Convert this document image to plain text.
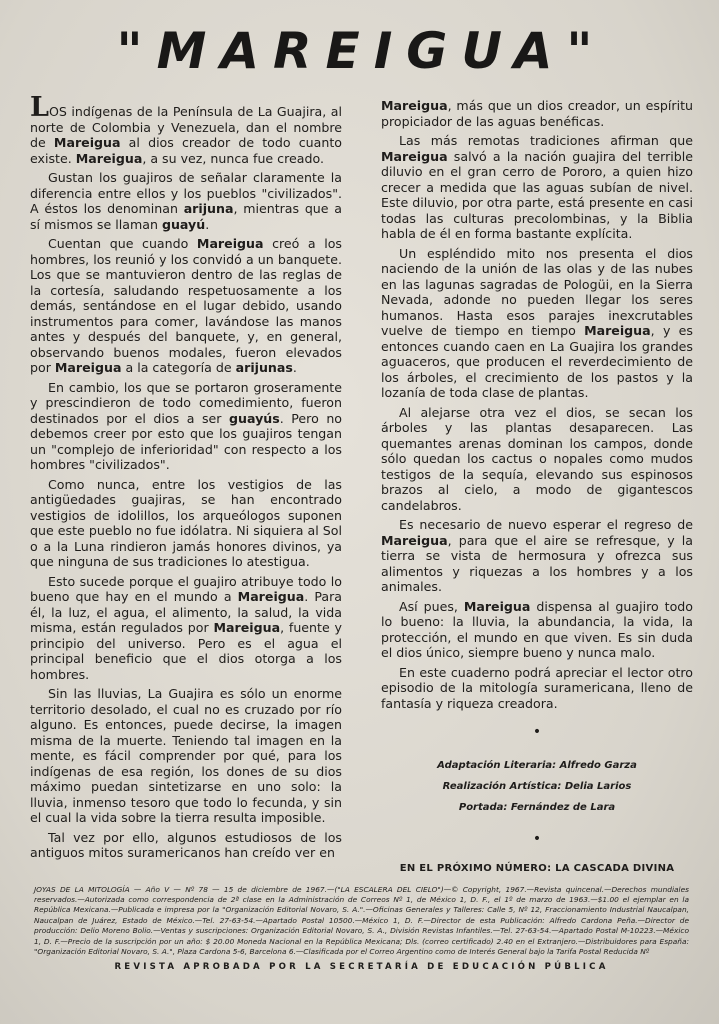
"MAREIGUA"

LOS indígenas de la Península de La Guajira, al norte de Colombia y Venezuela, dan el nombre de Mareigua al dios creador de todo cuanto existe. Mareigua, a su vez, nunca fue creado.

Gustan los guajiros de señalar claramente la diferencia entre ellos y los pueblos "civilizados". A éstos los denominan arijuna, mientras que a sí mismos se llaman guayú.

Cuentan que cuando Mareigua creó a los hombres, los reunió y los convidó a un banquete. Los que se mantuvieron dentro de las reglas de la cortesía, saludando respetuosamente a los demás, sentándose en el lugar debido, usando instrumentos para comer, lavándose las manos antes y después del banquete, y, en general, observando buenos modales, fueron elevados por Mareigua a la categoría de arijunas.

En cambio, los que se portaron groseramente y prescindieron de todo comedimiento, fueron destinados por el dios a ser guayús. Pero no debemos creer por esto que los guajiros tengan un "complejo de inferioridad" con respecto a los hombres "civilizados".

Como nunca, entre los vestigios de las antigüedades guajiras, se han encontrado vestigios de idolillos, los arqueólogos suponen que este pueblo no fue idólatra. Ni siquiera al Sol o a la Luna rindieron jamás honores divinos, ya que ninguna de sus tradiciones lo atestigua.

Esto sucede porque el guajiro atribuye todo lo bueno que hay en el mundo a Mareigua. Para él, la luz, el agua, el alimento, la salud, la vida misma, están regulados por Mareigua, fuente y principio del universo. Pero es el agua el principal beneficio que el dios otorga a los hombres.

Sin las lluvias, La Guajira es sólo un enorme territorio desolado, el cual no es cruzado por río alguno. Es entonces, puede decirse, la imagen misma de la muerte. Teniendo tal imagen en la mente, es fácil comprender por qué, para los indígenas de esa región, los dones de su dios máximo puedan sintetizarse en uno solo: la lluvia, inmenso tesoro que todo lo fecunda, y sin el cual la vida sobre la tierra resulta imposible.

Tal vez por ello, algunos estudiosos de los antiguos mitos suramericanos han creído ver en

Mareigua, más que un dios creador, un espíritu propiciador de las aguas benéficas.

Las más remotas tradiciones afirman que Mareigua salvó a la nación guajira del terrible diluvio en el gran cerro de Pororo, a quien hizo crecer a medida que las aguas subían de nivel. Este diluvio, por otra parte, está presente en casi todas las culturas precolombinas, y la Biblia habla de él en forma bastante explícita.

Un espléndido mito nos presenta el dios naciendo de la unión de las olas y de las nubes en las lagunas sagradas de Pologüi, en la Sierra Nevada, adonde no pueden llegar los seres humanos. Hasta esos parajes inexcrutables vuelve de tiempo en tiempo Mareigua, y es entonces cuando caen en La Guajira los grandes aguaceros, que producen el reverdecimiento de los árboles, el crecimiento de los pastos y la lozanía de toda clase de plantas.

Al alejarse otra vez el dios, se secan los árboles y las plantas desaparecen. Las quemantes arenas dominan los campos, donde sólo quedan los cactus o nopales como mudos testigos de la sequía, elevando sus espinosos brazos al cielo, a modo de gigantescos candelabros.

Es necesario de nuevo esperar el regreso de Mareigua, para que el aire se refresque, y la tierra se vista de hermosura y ofrezca sus alimentos y riquezas a los hombres y a los animales.

Así pues, Mareigua dispensa al guajiro todo lo bueno: la lluvia, la abundancia, la vida, la protección, el mundo en que viven. Es sin duda el dios único, siempre bueno y nunca malo.

En este cuaderno podrá apreciar el lector otro episodio de la mitología suramericana, lleno de fantasía y riqueza creadora.

•
Adaptación Literaria: Alfredo Garza
Realización Artística: Delia Larios
Portada: Fernández de Lara
•
EN EL PRÓXIMO NÚMERO: LA CASCADA DIVINA
JOYAS DE LA MITOLOGÍA — Año V — Nº 78 — 15 de diciembre de 1967.—("LA ESCALERA DEL CIELO")—© Copyright, 1967.—Revista quincenal.—Derechos mundiales reservados.—Autorizada como correspondencia de 2ª clase en la Administración de Correos Nº 1, de México 1, D. F., el 1º de marzo de 1963.—$1.00 el ejemplar en la República Mexicana.—Publicada e impresa por la "Organización Editorial Novaro, S. A.".—Oficinas Generales y Talleres: Calle 5, Nº 12, Fraccionamiento Industrial Naucalpan, Naucalpan de Juárez, Estado de México.—Tel. 27-63-54.—Apartado Postal 10500.—México 1, D. F.—Director de esta Publicación: Alfredo Cardona Peña.—Director de producción: Delio Moreno Bolio.—Ventas y suscripciones: Organización Editorial Novaro, S. A., División Revistas Infantiles.—Tel. 27-63-54.—Apartado Postal M-10223.—México 1, D. F.—Precio de la suscripción por un año: $ 20.00 Moneda Nacional en la República Mexicana; Dls. (correo certificado) 2.40 en el Extranjero.—Distribuidores para España: "Organización Editorial Novaro, S. A.", Plaza Cardona 5-6, Barcelona 6.—Clasificada por el Correo Argentino como de Interés General bajo la Tarifa Postal Reducida Nº
REVISTA APROBADA POR LA SECRETARÍA DE EDUCACIÓN PÚBLICA
